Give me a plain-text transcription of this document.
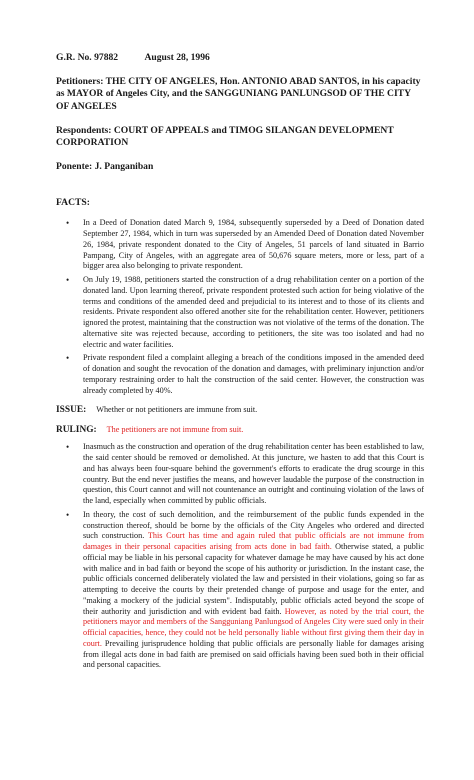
G.R. No. 97882	August 28, 1996

Petitioners: THE CITY OF ANGELES, Hon. ANTONIO ABAD SANTOS, in his capacity as MAYOR of Angeles City, and the SANGGUNIANG PANLUNGSOD OF THE CITY OF ANGELES

Respondents: COURT OF APPEALS and TIMOG SILANGAN DEVELOPMENT CORPORATION

Ponente: J. Panganiban

FACTS:
• In a Deed of Donation dated March 9, 1984, subsequently superseded by a Deed of Donation dated September 27, 1984, which in turn was superseded by an Amended Deed of Donation dated November 26, 1984, private respondent donated to the City of Angeles, 51 parcels of land situated in Barrio Pampang, City of Angeles, with an aggregate area of 50,676 square meters, more or less, part of a bigger area also belonging to private respondent.
• On July 19, 1988, petitioners started the construction of a drug rehabilitation center on a portion of the donated land. Upon learning thereof, private respondent protested such action for being violative of the terms and conditions of the amended deed and prejudicial to its interest and to those of its clients and residents. Private respondent also offered another site for the rehabilitation center. However, petitioners ignored the protest, maintaining that the construction was not violative of the terms of the donation. The alternative site was rejected because, according to petitioners, the site was too isolated and had no electric and water facilities.
• Private respondent filed a complaint alleging a breach of the conditions imposed in the amended deed of donation and sought the revocation of the donation and damages, with preliminary injunction and/or temporary restraining order to halt the construction of the said center. However, the construction was already completed by 40%.
ISSUE: Whether or not petitioners are immune from suit.
RULING: The petitioners are not immune from suit.
• Inasmuch as the construction and operation of the drug rehabilitation center has been established to law, the said center should be removed or demolished. At this juncture, we hasten to add that this Court is and has always been four-square behind the government's efforts to eradicate the drug scourge in this country. But the end never justifies the means, and however laudable the purpose of the construction in question, this Court cannot and will not countenance an outright and continuing violation of the laws of the land, especially when committed by public officials.
• In theory, the cost of such demolition, and the reimbursement of the public funds expended in the construction thereof, should be borne by the officials of the City Angeles who ordered and directed such construction. This Court has time and again ruled that public officials are not immune from damages in their personal capacities arising from acts done in bad faith. Otherwise stated, a public official may be liable in his personal capacity for whatever damage he may have caused by his act done with malice and in bad faith or beyond the scope of his authority or jurisdiction. In the instant case, the public officials concerned deliberately violated the law and persisted in their violations, going so far as attempting to deceive the courts by their pretended change of purpose and usage for the enter, and "making a mockery of the judicial system". Indisputably, public officials acted beyond the scope of their authority and jurisdiction and with evident bad faith. However, as noted by the trial court, the petitioners mayor and members of the Sangguniang Panlungsod of Angeles City were sued only in their official capacities, hence, they could not be held personally liable without first giving them their day in court. Prevailing jurisprudence holding that public officials are personally liable for damages arising from illegal acts done in bad faith are premised on said officials having been sued both in their official and personal capacities.
